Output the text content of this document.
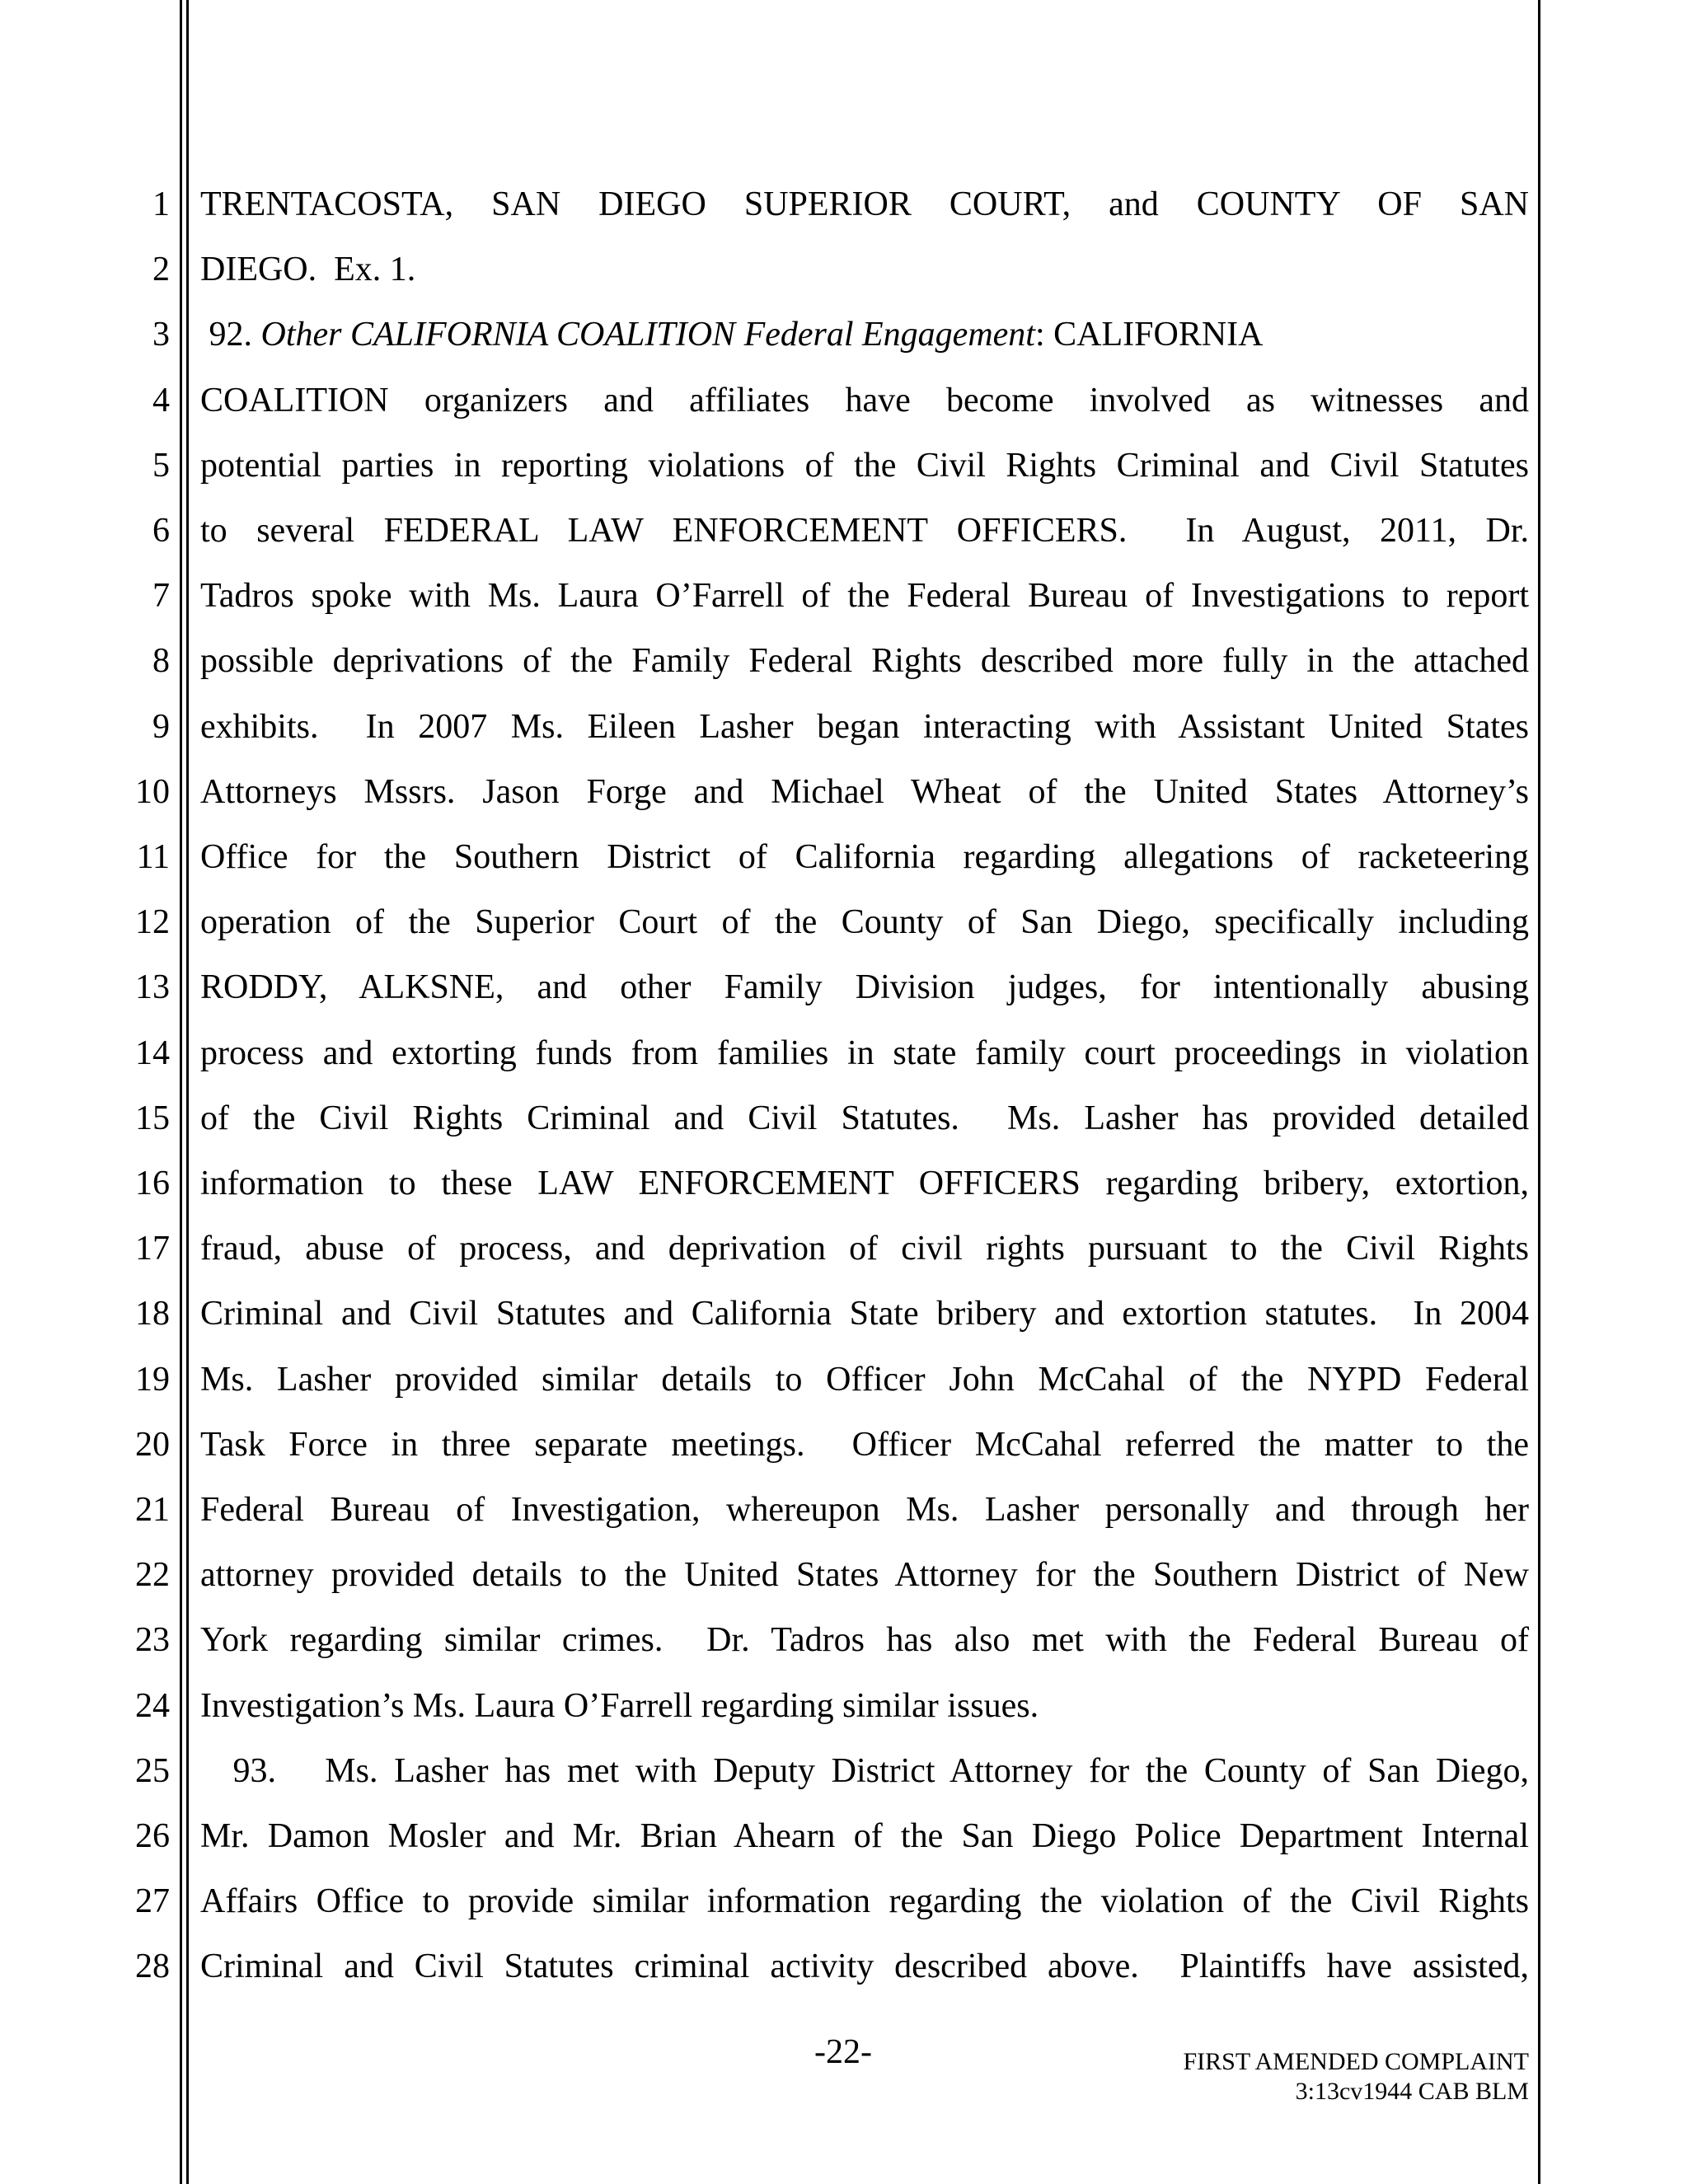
1 TRENTACOSTA, SAN DIEGO SUPERIOR COURT, and COUNTY OF SAN
2 DIEGO.  Ex. 1.
3 92. Other CALIFORNIA COALITION Federal Engagement: CALIFORNIA
4 COALITION organizers and affiliates have become involved as witnesses and
5 potential parties in reporting violations of the Civil Rights Criminal and Civil Statutes
6 to several FEDERAL LAW ENFORCEMENT OFFICERS.  In August, 2011, Dr.
7 Tadros spoke with Ms. Laura O’Farrell of the Federal Bureau of Investigations to report
8 possible deprivations of the Family Federal Rights described more fully in the attached
9 exhibits.  In 2007 Ms. Eileen Lasher began interacting with Assistant United States
10 Attorneys Mssrs. Jason Forge and Michael Wheat of the United States Attorney’s
11 Office for the Southern District of California regarding allegations of racketeering
12 operation of the Superior Court of the County of San Diego, specifically including
13 RODDY, ALKSNE, and other Family Division judges, for intentionally abusing
14 process and extorting funds from families in state family court proceedings in violation
15 of the Civil Rights Criminal and Civil Statutes.  Ms. Lasher has provided detailed
16 information to these LAW ENFORCEMENT OFFICERS regarding bribery, extortion,
17 fraud, abuse of process, and deprivation of civil rights pursuant to the Civil Rights
18 Criminal and Civil Statutes and California State bribery and extortion statutes.  In 2004
19 Ms. Lasher provided similar details to Officer John McCahal of the NYPD Federal
20 Task Force in three separate meetings.  Officer McCahal referred the matter to the
21 Federal Bureau of Investigation, whereupon Ms. Lasher personally and through her
22 attorney provided details to the United States Attorney for the Southern District of New
23 York regarding similar crimes.  Dr. Tadros has also met with the Federal Bureau of
24 Investigation’s Ms. Laura O’Farrell regarding similar issues.
25 93.   Ms. Lasher has met with Deputy District Attorney for the County of San Diego,
26 Mr. Damon Mosler and Mr. Brian Ahearn of the San Diego Police Department Internal
27 Affairs Office to provide similar information regarding the violation of the Civil Rights
28 Criminal and Civil Statutes criminal activity described above.  Plaintiffs have assisted,
-22-	FIRST AMENDED COMPLAINT
3:13cv1944 CAB BLM
